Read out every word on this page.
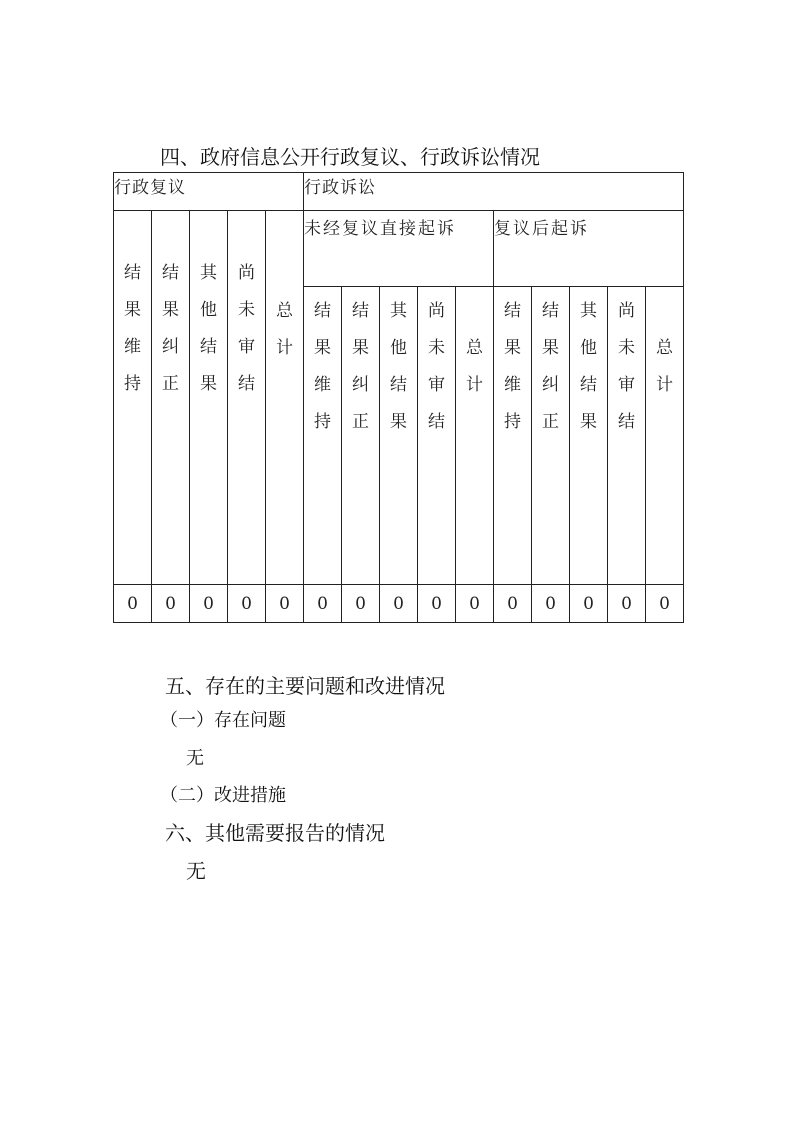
四、政府信息公开行政复议、行政诉讼情况
行政复议					行政诉讼									

结果维持	结果纠正	其他结果	尚未审结	总计	未经复议直接起诉					复议后起诉				

					结果维持	结果纠正	其他结果	尚未审结	总计	结果维持	结果纠正	其他结果	尚未审结	总计

0	0	0	0	0	0	0	0	0	0	0	0	0	0	0
五、存在的主要问题和改进情况
（一）存在问题
无
（二）改进措施
六、其他需要报告的情况
无
